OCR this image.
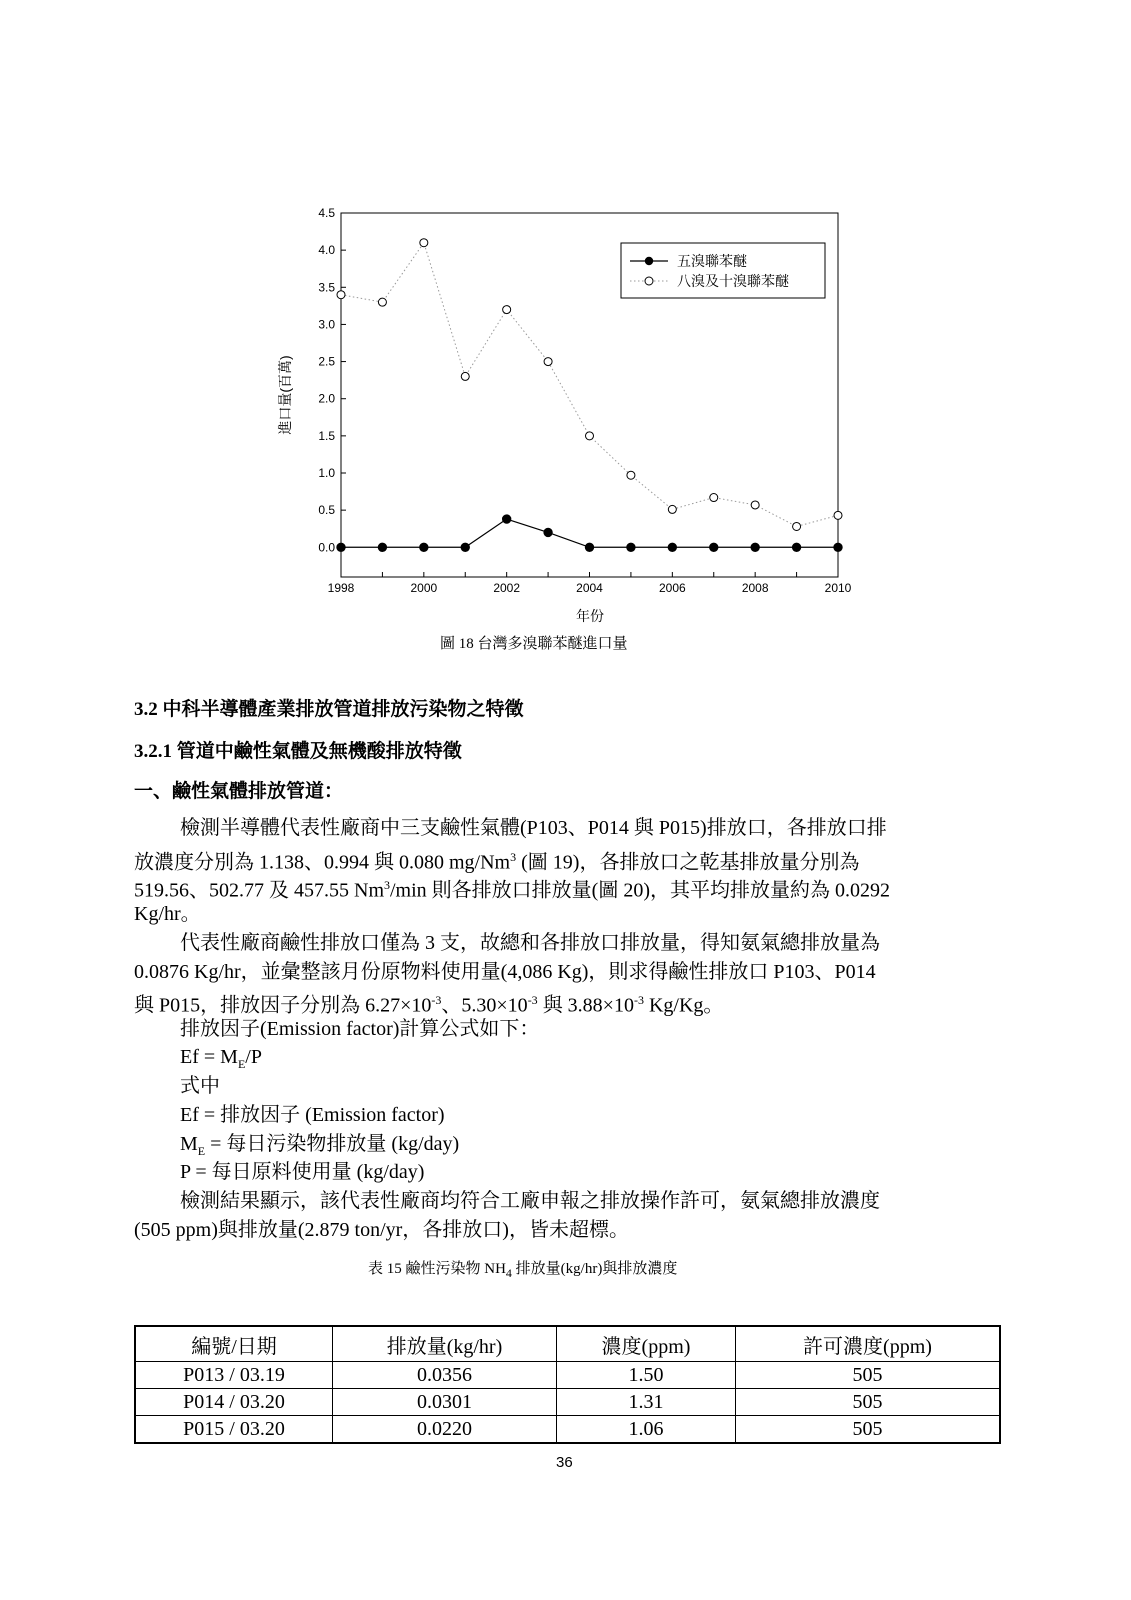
0.0
0.5
1.0
1.5
2.0
2.5
3.0
3.5
4.0
4.5
1998	2000	2002	2004	2006	2008	2010
進口量(百萬)
年份
五溴聯苯醚
八溴及十溴聯苯醚
圖 18 台灣多溴聯苯醚進口量
3.2 中科半導體產業排放管道排放污染物之特徵
3.2.1 管道中鹼性氣體及無機酸排放特徵
一、鹼性氣體排放管道：
檢測半導體代表性廠商中三支鹼性氣體(P103、P014 與 P015)排放口，各排放口排
放濃度分別為 1.138、0.994 與 0.080 mg/Nm$^3$ (圖 19)，各排放口之乾基排放量分別為
519.56、502.77 及 457.55 Nm$^3$/min 則各排放口排放量(圖 20)，其平均排放量約為 0.0292
Kg/hr。
代表性廠商鹼性排放口僅為 3 支，故總和各排放口排放量，得知氨氣總排放量為
0.0876 Kg/hr，並彙整該月份原物料使用量(4,086 Kg)，則求得鹼性排放口 P103、P014
與 P015，排放因子分別為 $6.27\times 10^{-3}$、$5.30\times 10^{-3}$ 與 $3.88\times 10^{-3}$ Kg/Kg。
排放因子(Emission factor)計算公式如下：
$Ef = M_E/P$
式中
Ef = 排放因子 (Emission factor)
$M_E$ = 每日污染物排放量 (kg/day)
P = 每日原料使用量 (kg/day)
檢測結果顯示，該代表性廠商均符合工廠申報之排放操作許可，氨氣總排放濃度
(505 ppm)與排放量(2.879 ton/yr，各排放口)，皆未超標。
表 15 鹼性污染物 $NH_4$ 排放量(kg/hr)與排放濃度
編號/日期	排放量(kg/hr)	濃度(ppm)	許可濃度(ppm)
P013 / 03.19	0.0356	1.50	505
P014 / 03.20	0.0301	1.31	505
P015 / 03.20	0.0220	1.06	505
36
